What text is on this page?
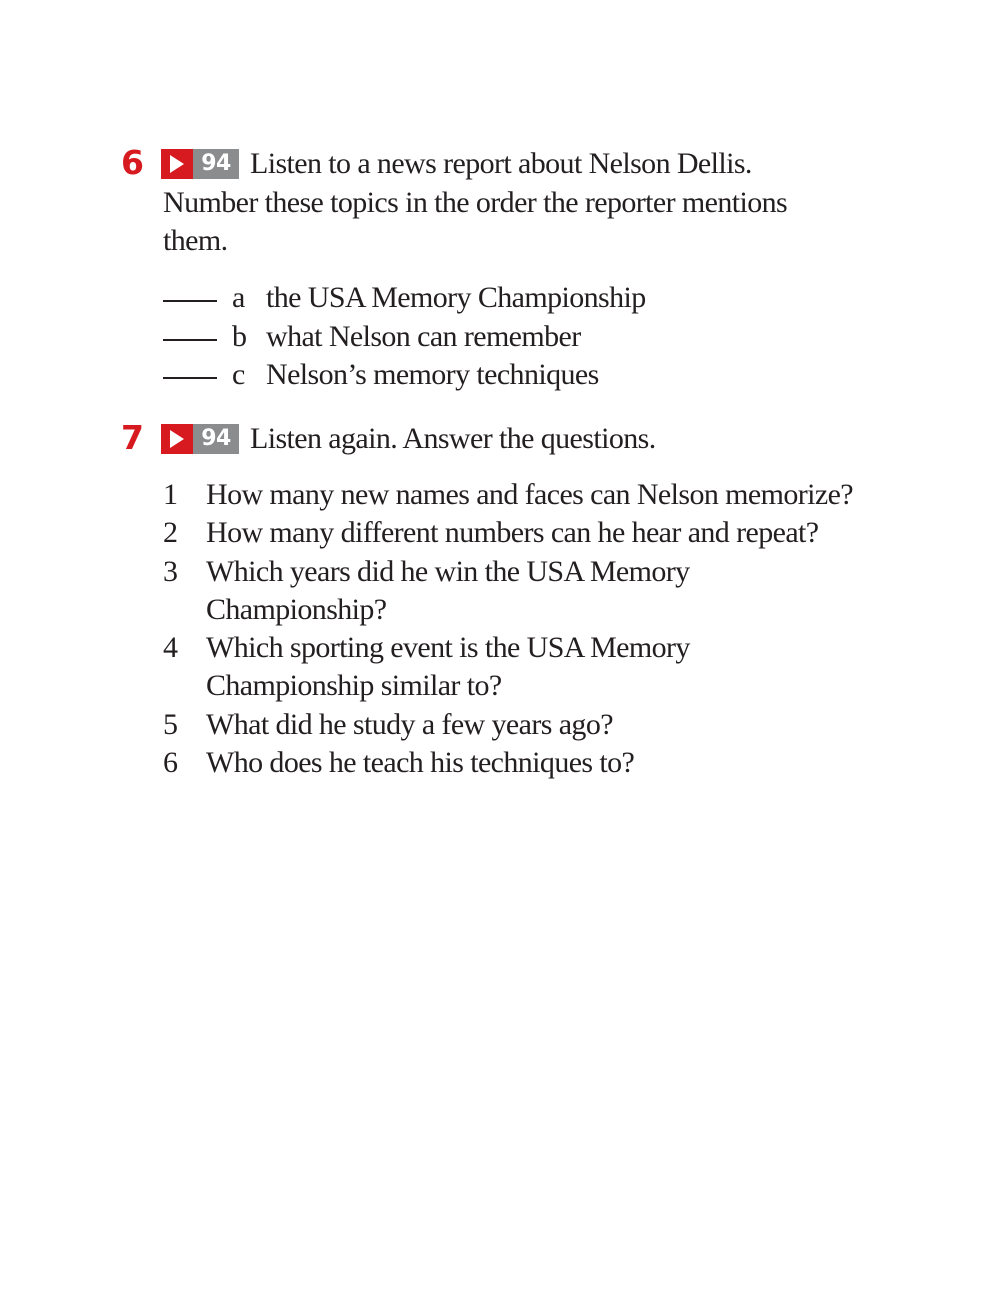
6	94 Listen to a news report about Nelson Dellis. Number these topics in the order the reporter mentions them.

a the USA Memory Championship
b what Nelson can remember
c Nelson’s memory techniques
7	94 Listen again. Answer the questions.

1 How many new names and faces can Nelson memorize?
2 How many different numbers can he hear and repeat?
3 Which years did he win the USA Memory Championship?
4 Which sporting event is the USA Memory Championship similar to?
5 What did he study a few years ago?
6 Who does he teach his techniques to?
